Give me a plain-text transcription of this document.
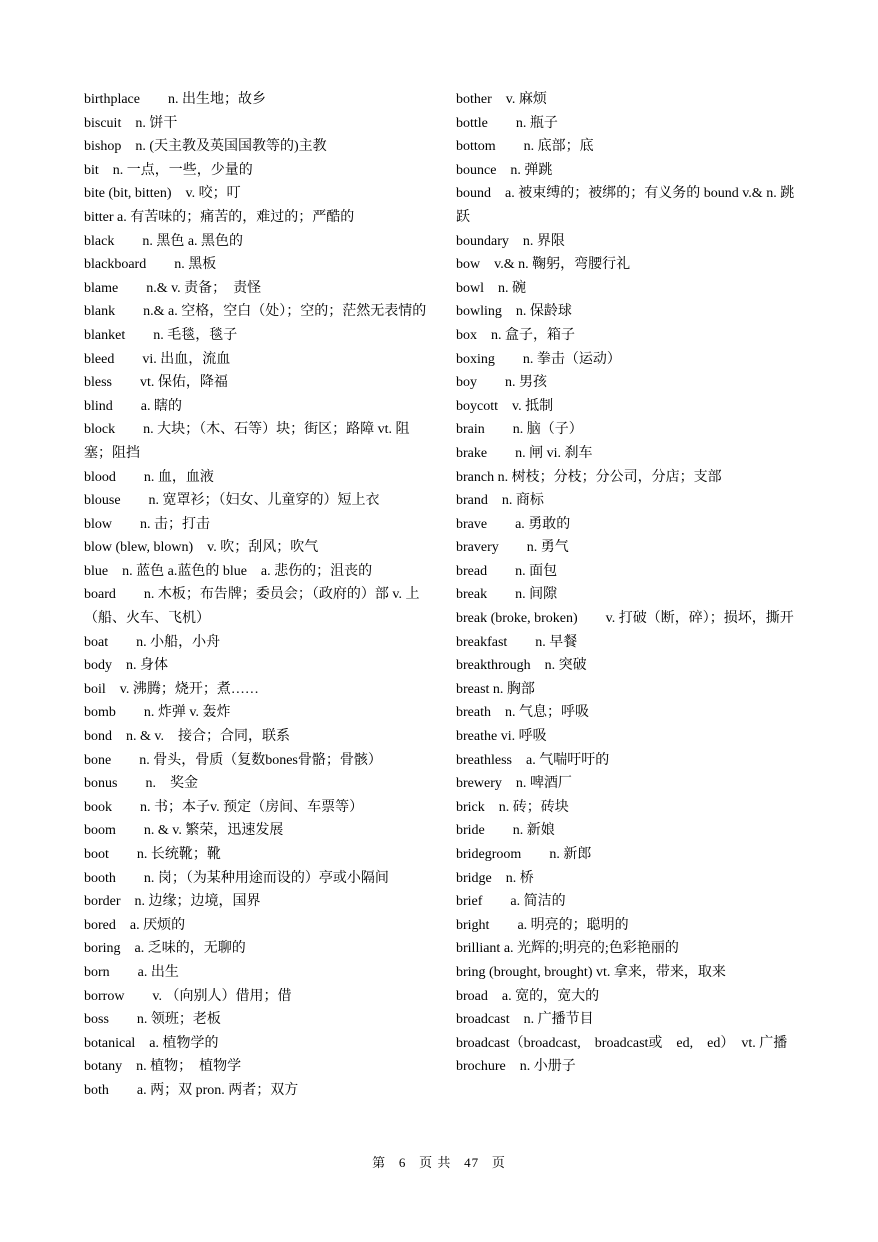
birthplace　　n. 出生地；故乡

biscuit　n. 饼干

bishop　n. (天主教及英国国教等的)主教

bit　n. 一点，一些，少量的

bite (bit, bitten)　v. 咬；叮

bitter a. 有苦味的；痛苦的，难过的；严酷的

black　　n. 黑色 a. 黑色的

blackboard　　n. 黑板

blame　　n.& v. 责备；　责怪

blank　　n.& a. 空格，空白（处）；空的；茫然无表情的

blanket　　n. 毛毯，毯子

bleed　　vi. 出血，流血

bless　　vt. 保佑，降福

blind　　a. 瞎的

block　　n. 大块；（木、石等）块；街区；路障 vt. 阻塞；阻挡

blood　　n. 血，血液

blouse　　n. 宽罩衫；（妇女、儿童穿的）短上衣

blow　　n. 击；打击

blow (blew, blown)　v. 吹；刮风；吹气

blue　n. 蓝色 a.蓝色的 blue　a. 悲伤的；沮丧的

board　　n. 木板；布告牌；委员会；（政府的）部 v. 上（船、火车、飞机）

boat　　n. 小船，小舟

body　n. 身体

boil　v. 沸腾；烧开；煮……

bomb　　n. 炸弹 v. 轰炸

bond　n. & v.　接合；合同，联系

bone　　n. 骨头，骨质（复数bones骨骼；骨骸）

bonus　　n.　奖金

book　　n. 书；本子v. 预定（房间、车票等）

boom　　n. & v. 繁荣，迅速发展

boot　　n. 长统靴；靴

booth　　n. 岗；（为某种用途而设的）亭或小隔间

border　n. 边缘；边境，国界

bored　a. 厌烦的

boring　a. 乏味的，无聊的

born　　a. 出生

borrow　　v. （向别人）借用；借

boss　　n. 领班；老板

botanical　a. 植物学的

botany　n. 植物；　植物学

both　　a. 两；双 pron. 两者；双方

bother　v. 麻烦

bottle　　n. 瓶子

bottom　　n. 底部；底

bounce　n. 弹跳

bound　a. 被束缚的；被绑的；有义务的 bound v.& n. 跳跃

boundary　n. 界限

bow　v.& n. 鞠躬，弯腰行礼

bowl　n. 碗

bowling　n. 保龄球

box　n. 盒子，箱子

boxing　　n. 拳击（运动）

boy　　n. 男孩

boycott　v. 抵制

brain　　n. 脑（子）

brake　　n. 闸 vi. 刹车

branch n. 树枝；分枝；分公司，分店；支部

brand　n. 商标

brave　　a. 勇敢的

bravery　　n. 勇气

bread　　n. 面包

break　　n. 间隙

break (broke, broken)　　v. 打破（断，碎）；损坏，撕开

breakfast　　n. 早餐

breakthrough　n. 突破

breast n. 胸部

breath　n. 气息；呼吸

breathe vi. 呼吸

breathless　a. 气喘吁吁的

brewery　n. 啤酒厂

brick　n. 砖；砖块

bride　　n. 新娘

bridegroom　　n. 新郎

bridge　n. 桥

brief　　a. 简洁的

bright　　a. 明亮的；聪明的

brilliant a. 光辉的;明亮的;色彩艳丽的

bring (brought, brought) vt. 拿来，带来，取来

broad　a. 宽的，宽大的

broadcast　n. 广播节目

broadcast（broadcast,　broadcast或　ed,　ed）　vt. 广播

brochure　n. 小册子

第 6 页 共 47 页
